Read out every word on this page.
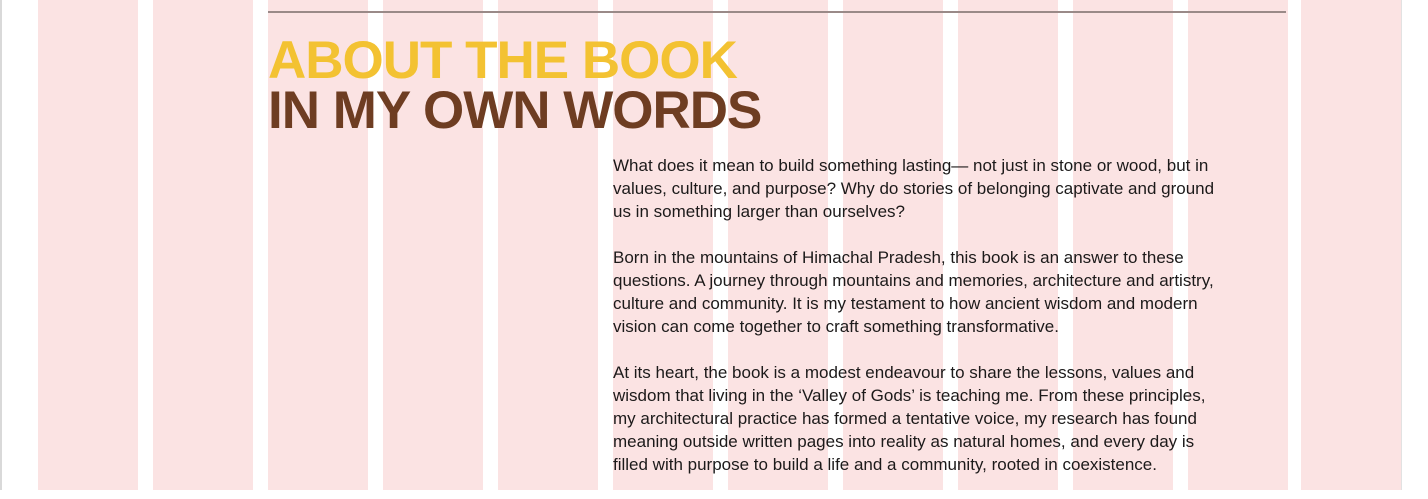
ABOUT THE BOOK
IN MY OWN WORDS

What does it mean to build something lasting— not just in stone or wood, but in
values, culture, and purpose? Why do stories of belonging captivate and ground
us in something larger than ourselves?

Born in the mountains of Himachal Pradesh, this book is an answer to these
questions. A journey through mountains and memories, architecture and artistry,
culture and community. It is my testament to how ancient wisdom and modern
vision can come together to craft something transformative.

At its heart, the book is a modest endeavour to share the lessons, values and
wisdom that living in the ‘Valley of Gods’ is teaching me. From these principles,
my architectural practice has formed a tentative voice, my research has found
meaning outside written pages into reality as natural homes, and every day is
filled with purpose to build a life and a community, rooted in coexistence.
